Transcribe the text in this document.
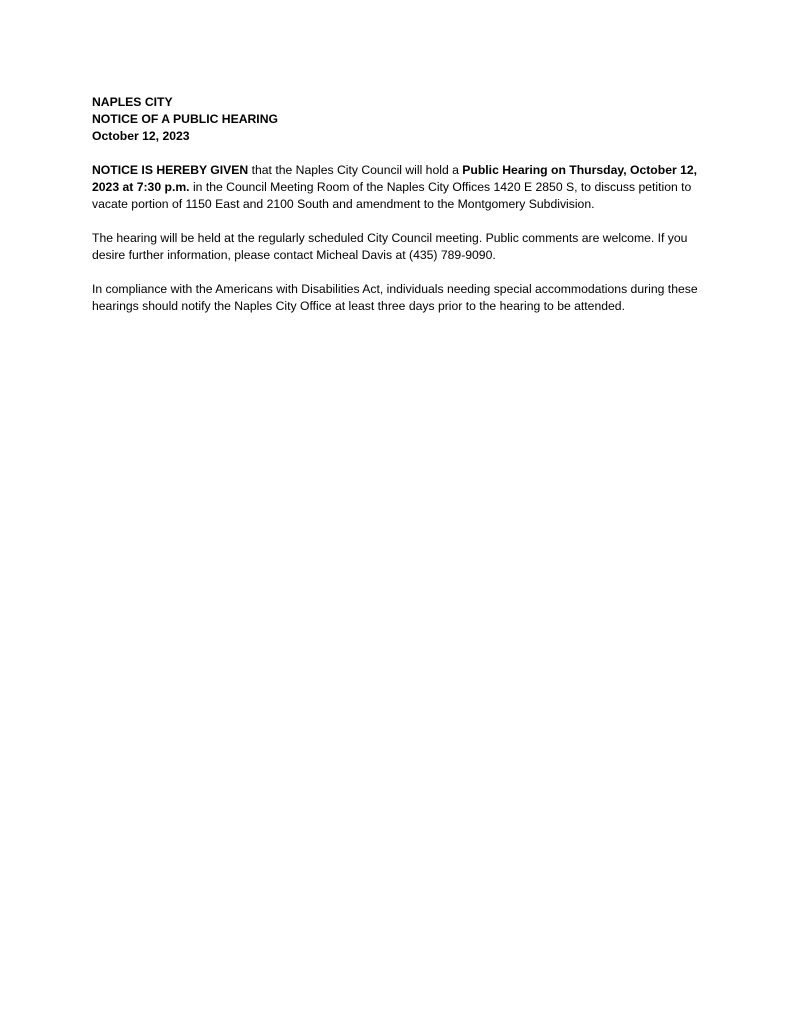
NAPLES CITY
NOTICE OF A PUBLIC HEARING
October 12, 2023

NOTICE IS HEREBY GIVEN that the Naples City Council will hold a Public Hearing on Thursday, October 12, 2023 at 7:30 p.m. in the Council Meeting Room of the Naples City Offices 1420 E 2850 S, to discuss petition to vacate portion of 1150 East and 2100 South and amendment to the Montgomery Subdivision.

The hearing will be held at the regularly scheduled City Council meeting. Public comments are welcome. If you desire further information, please contact Micheal Davis at (435) 789-9090.

In compliance with the Americans with Disabilities Act, individuals needing special accommodations during these hearings should notify the Naples City Office at least three days prior to the hearing to be attended.
